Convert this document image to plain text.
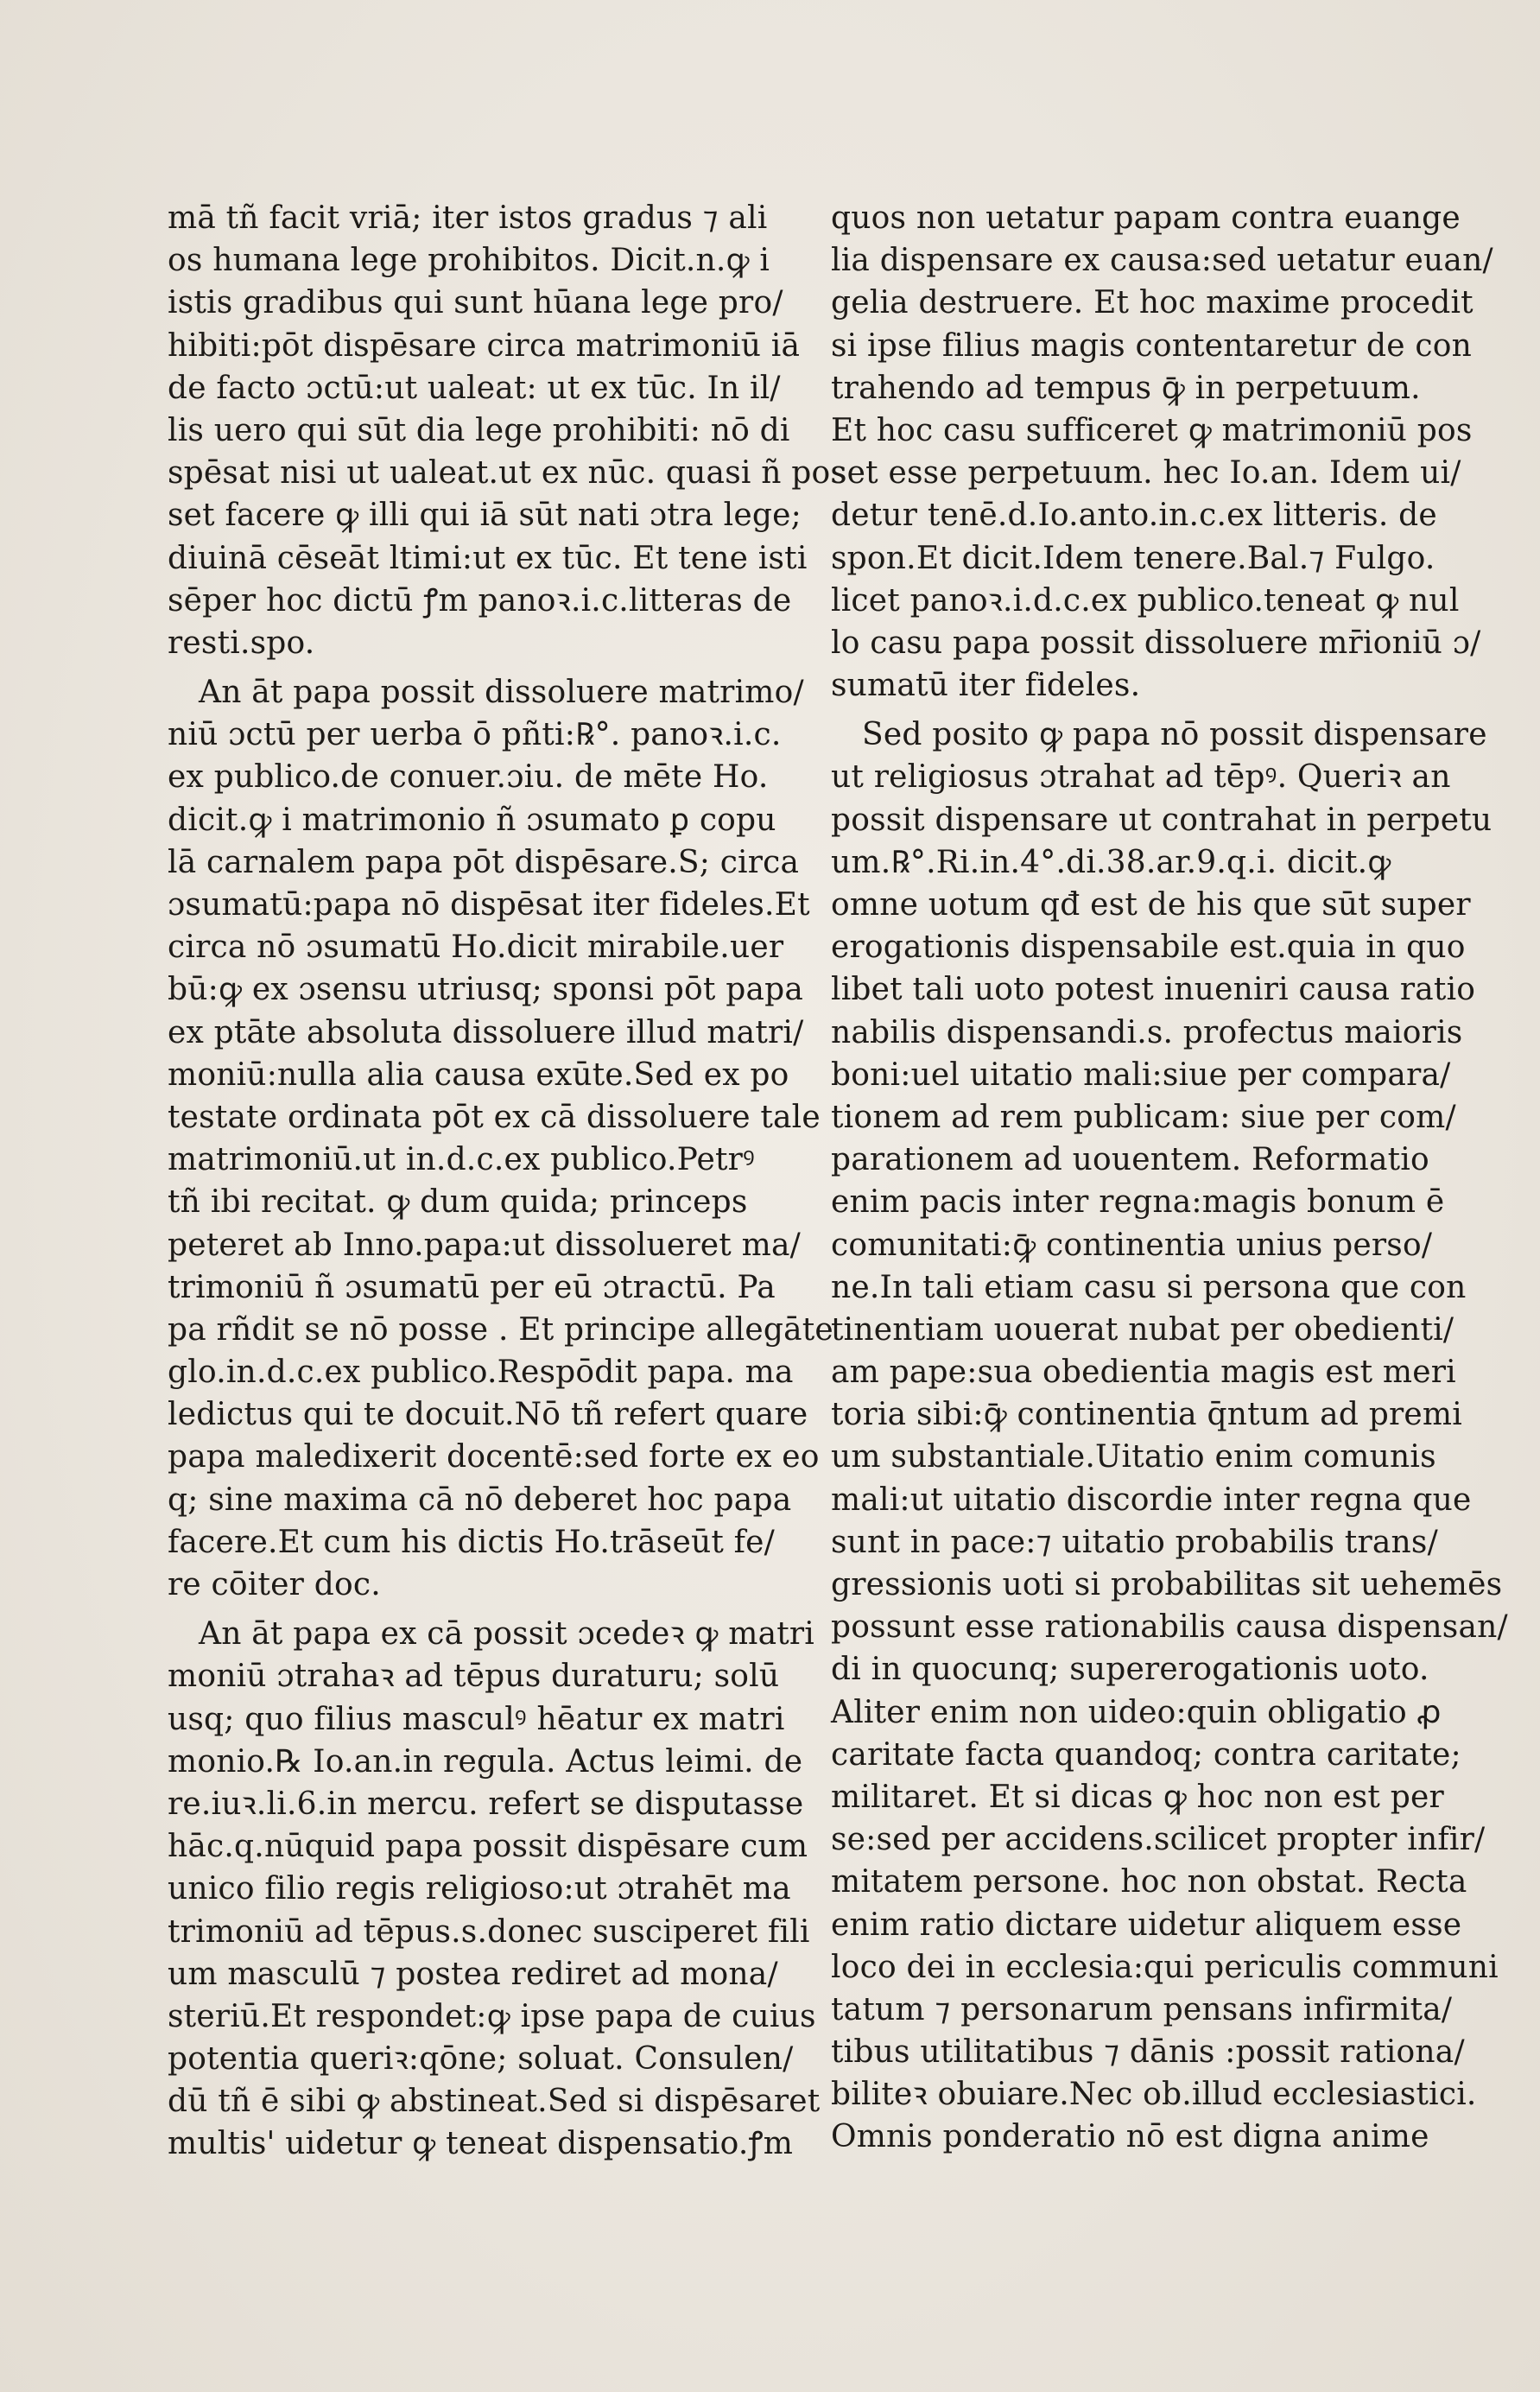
mā tñ facit vriā; iter istos gradus ⁊ ali
os humana lege prohibitos. Dicit.n.ꝙ i
istis gradibus qui sunt hūana lege pro/
hibiti:pōt dispēsare circa matrimoniū iā
de facto ɔctū:ut ualeat: ut ex tūc. In il/
lis uero qui sūt dia lege prohibiti: nō di
spēsat nisi ut ualeat.ut ex nūc. quasi ñ pos
set facere ꝙ illi qui iā sūt nati ɔtra lege;
diuinā cēseāt ltimi:ut ex tūc. Et tene isti
sēper hoc dictū ꝭm panoꝛ.i.c.litteras de
resti.spo.
An āt papa possit dissoluere matrimo/
niū ɔctū per uerba ō pñti:℞°. panoꝛ.i.c.
ex publico.de conuer.ɔiu. de mēte Ho.
dicit.ꝙ i matrimonio ñ ɔsumato ꝑ copu
lā carnalem papa pōt dispēsare.S; circa
ɔsumatū:papa nō dispēsat iter fideles.Et
circa nō ɔsumatū Ho.dicit mirabile.uer
bū:ꝙ ex ɔsensu utriusq; sponsi pōt papa
ex ptāte absoluta dissoluere illud matri/
moniū:nulla alia causa exūte.Sed ex po
testate ordinata pōt ex cā dissoluere tale
matrimoniū.ut in.d.c.ex publico.Petrꝰ
tñ ibi recitat. ꝙ dum quida; princeps
peteret ab Inno.papa:ut dissolueret ma/
trimoniū ñ ɔsumatū per eū ɔtractū. Pa
pa rñdit se nō posse . Et principe allegāte
glo.in.d.c.ex publico.Respōdit papa. ma
ledictus qui te docuit.Nō tñ refert quare
papa maledixerit docentē:sed forte ex eo
q; sine maxima cā nō deberet hoc papa
facere.Et cum his dictis Ho.trāseūt fe/
re cōiter doc.
An āt papa ex cā possit ɔcedeꝛ ꝙ matri
moniū ɔtrahaꝛ ad tēpus duraturu; solū
usq; quo filius masculꝰ hēatur ex matri
monio.℞ Io.an.in regula. Actus leimi. de
re.iuꝛ.li.6.in mercu. refert se disputasse
hāc.q.nūquid papa possit dispēsare cum
unico filio regis religioso:ut ɔtrahēt ma
trimoniū ad tēpus.s.donec susciperet fili
um masculū ⁊ postea rediret ad mona/
steriū.Et respondet:ꝙ ipse papa de cuius
potentia queriꝛ:qōne; soluat. Consulen/
dū tñ ē sibi ꝙ abstineat.Sed si dispēsaret
multis' uidetur ꝙ teneat dispensatio.ꝭm
quos non uetatur papam contra euange
lia dispensare ex causa:sed uetatur euan/
gelia destruere. Et hoc maxime procedit
si ipse filius magis contentaretur de con
trahendo ad tempus ꝙ̄ in perpetuum.
Et hoc casu sufficeret ꝙ matrimoniū pos
set esse perpetuum. hec Io.an. Idem ui/
detur tenē.d.Io.anto.in.c.ex litteris. de
spon.Et dicit.Idem tenere.Bal.⁊ Fulgo.
licet panoꝛ.i.d.c.ex publico.teneat ꝙ nul
lo casu papa possit dissoluere mr̄ioniū ɔ/
sumatū iter fideles.
Sed posito ꝙ papa nō possit dispensare
ut religiosus ɔtrahat ad tēpꝰ. Queriꝛ an
possit dispensare ut contrahat in perpetu
um.℞°.Ri.in.4°.di.38.ar.9.q.i. dicit.ꝙ
omne uotum qđ est de his que sūt super
erogationis dispensabile est.quia in quo
libet tali uoto potest inueniri causa ratio
nabilis dispensandi.s. profectus maioris
boni:uel uitatio mali:siue per compara/
tionem ad rem publicam: siue per com/
parationem ad uouentem. Reformatio
enim pacis inter regna:magis bonum ē
comunitati:ꝙ̄ continentia unius perso/
ne.In tali etiam casu si persona que con
tinentiam uouerat nubat per obedienti/
am pape:sua obedientia magis est meri
toria sibi:ꝙ̄ continentia q̄ntum ad premi
um substantiale.Uitatio enim comunis
mali:ut uitatio discordie inter regna que
sunt in pace:⁊ uitatio probabilis trans/
gressionis uoti si probabilitas sit uehemēs
possunt esse rationabilis causa dispensan/
di in quocunq; supererogationis uoto.
Aliter enim non uideo:quin obligatio ꝓ
caritate facta quandoq; contra caritate;
militaret. Et si dicas ꝙ hoc non est per
se:sed per accidens.scilicet propter infir/
mitatem persone. hoc non obstat. Recta
enim ratio dictare uidetur aliquem esse
loco dei in ecclesia:qui periculis communi
tatum ⁊ personarum pensans infirmita/
tibus utilitatibus ⁊ dānis :possit rationa/
biliteꝛ obuiare.Nec ob.illud ecclesiastici.
Omnis ponderatio nō est digna anime
